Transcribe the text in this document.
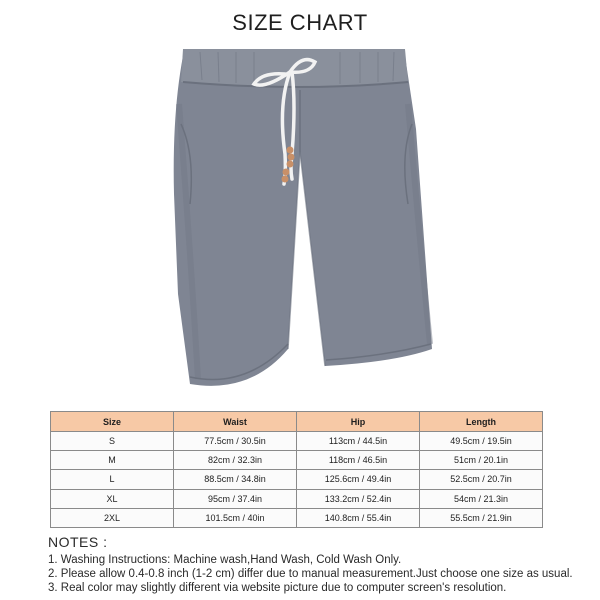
SIZE CHART
Size	Waist	Hip	Length
S	77.5cm / 30.5in	113cm / 44.5in	49.5cm / 19.5in
M	82cm / 32.3in	118cm / 46.5in	51cm / 20.1in
L	88.5cm / 34.8in	125.6cm / 49.4in	52.5cm / 20.7in
XL	95cm / 37.4in	133.2cm / 52.4in	54cm / 21.3in
2XL	101.5cm / 40in	140.8cm / 55.4in	55.5cm / 21.9in
NOTES :
1. Washing Instructions: Machine wash,Hand Wash, Cold Wash Only.
2. Please allow 0.4-0.8 inch (1-2 cm) differ due to manual measurement.Just choose one size as usual.
3. Real color may slightly different via website picture due to computer screen's resolution.
